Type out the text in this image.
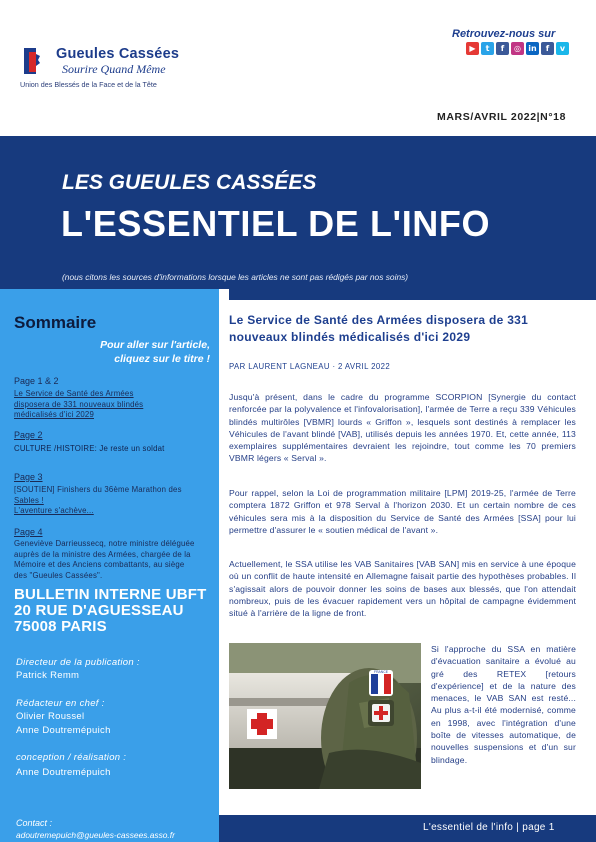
Gueules Cassées
Sourire Quand Même
Union des Blessés de la Face et de la Tête
Retrouvez-nous sur
▶	t	f	◎ in	f	v
MARS/AVRIL 2022|N°18
LES GUEULES CASSÉES
L'ESSENTIEL DE L'INFO
(nous citons les sources d'informations lorsque les articles ne sont pas rédigés par nos soins)
Sommaire
Pour aller sur l'article,
cliquez sur le titre !
Page 1 & 2
Le Service de Santé des Armées
disposera de 331 nouveaux blindés
médicalisés d'ici 2029
Page 2
CULTURE /HISTOIRE: Je reste un soldat
Page 3
[SOUTIEN] Finishers du 36ème Marathon des
Sables !
L'aventure s'achève...
Page 4
Geneviève Darrieussecq, notre ministre déléguée
auprès de la ministre des Armées, chargée de la
Mémoire et des Anciens combattants, au siège
des "Gueules Cassées".
BULLETIN INTERNE UBFT
20 RUE D'AGUESSEAU
75008 PARIS
Directeur de la publication :
Patrick Remm
Rédacteur en chef :
Olivier Roussel
Anne Doutremépuich
conception / réalisation :
Anne Doutremépuich
Contact :
adoutremepuich@gueules-cassees.asso.fr
Le Service de Santé des Armées disposera de 331 nouveaux blindés médicalisés d'ici 2029
PAR LAURENT LAGNEAU · 2 AVRIL 2022

Jusqu'à présent, dans le cadre du programme SCORPION [Synergie du contact renforcée par la polyvalence et l'infovalorisation], l'armée de Terre a reçu 339 Véhicules blindés multirôles [VBMR] lourds « Griffon », lesquels sont destinés à remplacer les Véhicules de l'avant blindé [VAB], utilisés depuis les années 1970. Et, cette année, 113 exemplaires supplémentaires devraient les rejoindre, tout comme les 70 premiers VBMR légers « Serval ».

Pour rappel, selon la Loi de programmation militaire [LPM] 2019-25, l'armée de Terre comptera 1872 Griffon et 978 Serval à l'horizon 2030. Et un certain nombre de ces véhicules sera mis à la disposition du Service de Santé des Armées [SSA] pour lui permettre d'assurer le « soutien médical de l'avant ».

Actuellement, le SSA utilise les VAB Sanitaires [VAB SAN] mis en service à une époque où un conflit de haute intensité en Allemagne faisait partie des hypothèses probables. Il s'agissait alors de pouvoir donner les soins de bases aux blessés, que l'on attendait nombreux, puis de les évacuer rapidement vers un hôpital de campagne évidemment situé à l'arrière de la ligne de front.

Si l'approche du SSA en matière d'évacuation sanitaire a évolué au gré des RETEX [retours d'expérience] et de la nature des menaces, le VAB SAN est resté... Au plus a-t-il été modernisé, comme en 1998, avec l'intégration d'une boîte de vitesses automatique, de nouvelles suspensions et d'un sur blindage.

FRANCE
L'essentiel de l'info | page 1
